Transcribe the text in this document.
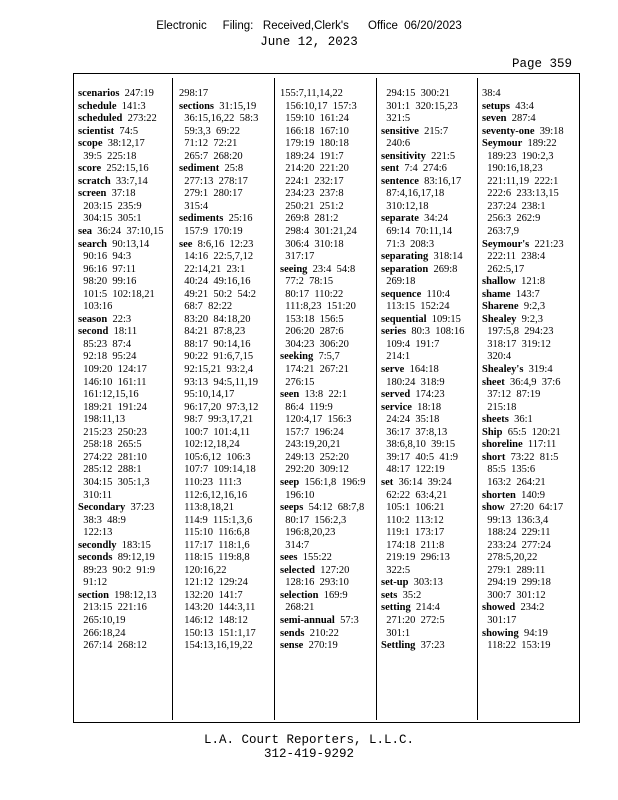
Electronic     Filing:   Received,Clerk's      Office  06/20/2023
June 12, 2023
Page 359
scenarios  247:19
schedule  141:3
scheduled  273:22
scientist  74:5
scope  38:12,17
39:5  225:18
score  252:15,16
scratch  33:7,14
screen  37:18
203:15  235:9
304:15  305:1
sea  36:24  37:10,15
search  90:13,14
90:16  94:3
96:16  97:11
98:20  99:16
101:5  102:18,21
103:16
season  22:3
second  18:11
85:23  87:4
92:18  95:24
109:20  124:17
146:10  161:11
161:12,15,16
189:21  191:24
198:11,13
215:23  250:23
258:18  265:5
274:22  281:10
285:12  288:1
304:15  305:1,3
310:11
Secondary  37:23
38:3  48:9
122:13
secondly  183:15
seconds  89:12,19
89:23  90:2  91:9
91:12
section  198:12,13
213:15  221:16
265:10,19
266:18,24
267:14  268:12
298:17
sections  31:15,19
36:15,16,22  58:3
59:3,3  69:22
71:12  72:21
265:7  268:20
sediment  25:8
277:13  278:17
279:1  280:17
315:4
sediments  25:16
157:9  170:19
see  8:6,16  12:23
14:16  22:5,7,12
22:14,21  23:1
40:24  49:16,16
49:21  50:2  54:2
68:7  82:22
83:20  84:18,20
84:21  87:8,23
88:17  90:14,16
90:22  91:6,7,15
92:15,21  93:2,4
93:13  94:5,11,19
95:10,14,17
96:17,20  97:3,12
98:7  99:3,17,21
100:7  101:4,11
102:12,18,24
105:6,12  106:3
107:7  109:14,18
110:23  111:3
112:6,12,16,16
113:8,18,21
114:9  115:1,3,6
115:10  116:6,8
117:17  118:1,6
118:15  119:8,8
120:16,22
121:12  129:24
132:20  141:7
143:20  144:3,11
146:12  148:12
150:13  151:1,17
154:13,16,19,22
155:7,11,14,22
156:10,17  157:3
159:10  161:24
166:18  167:10
179:19  180:18
189:24  191:7
214:20  221:20
224:1  232:17
234:23  237:8
250:21  251:2
269:8  281:2
298:4  301:21,24
306:4  310:18
317:17
seeing  23:4  54:8
77:2  78:15
80:17  110:22
111:8,23  151:20
153:18  156:5
206:20  287:6
304:23  306:20
seeking  7:5,7
174:21  267:21
276:15
seen  13:8  22:1
86:4  119:9
120:4,17  156:3
157:7  196:24
243:19,20,21
249:13  252:20
292:20  309:12
seep  156:1,8  196:9
196:10
seeps  54:12  68:7,8
80:17  156:2,3
196:8,20,23
314:7
sees  155:22
selected  127:20
128:16  293:10
selection  169:9
268:21
semi-annual  57:3
sends  210:22
sense  270:19
294:15  300:21
301:1  320:15,23
321:5
sensitive  215:7
240:6
sensitivity  221:5
sent  7:4  274:6
sentence  83:16,17
87:4,16,17,18
310:12,18
separate  34:24
69:14  70:11,14
71:3  208:3
separating  318:14
separation  269:8
269:18
sequence  110:4
113:15  152:24
sequential  109:15
series  80:3  108:16
109:4  191:7
214:1
serve  164:18
180:24  318:9
served  174:23
service  18:18
24:24  35:18
36:17  37:8,13
38:6,8,10  39:15
39:17  40:5  41:9
48:17  122:19
set  36:14  39:24
62:22  63:4,21
105:1  106:21
110:2  113:12
119:1  173:17
174:18  211:8
219:19  296:13
322:5
set-up  303:13
sets  35:2
setting  214:4
271:20  272:5
301:1
Settling  37:23
38:4
setups  43:4
seven  287:4
seventy-one  39:18
Seymour  189:22
189:23  190:2,3
190:16,18,23
221:11,19  222:1
222:6  233:13,15
237:24  238:1
256:3  262:9
263:7,9
Seymour's  221:23
222:11  238:4
262:5,17
shallow  121:8
shame  143:7
Sharene  9:2,3
Shealey  9:2,3
197:5,8  294:23
318:17  319:12
320:4
Shealey's  319:4
sheet  36:4,9  37:6
37:12  87:19
215:18
sheets  36:1
Ship  65:5  120:21
shoreline  117:11
short  73:22  81:5
85:5  135:6
163:2  264:21
shorten  140:9
show  27:20  64:17
99:13  136:3,4
188:24  229:11
233:24  277:24
278:5,20,22
279:1  289:11
294:19  299:18
300:7  301:12
showed  234:2
301:17
showing  94:19
118:22  153:19
L.A. Court Reporters, L.L.C.
312-419-9292
